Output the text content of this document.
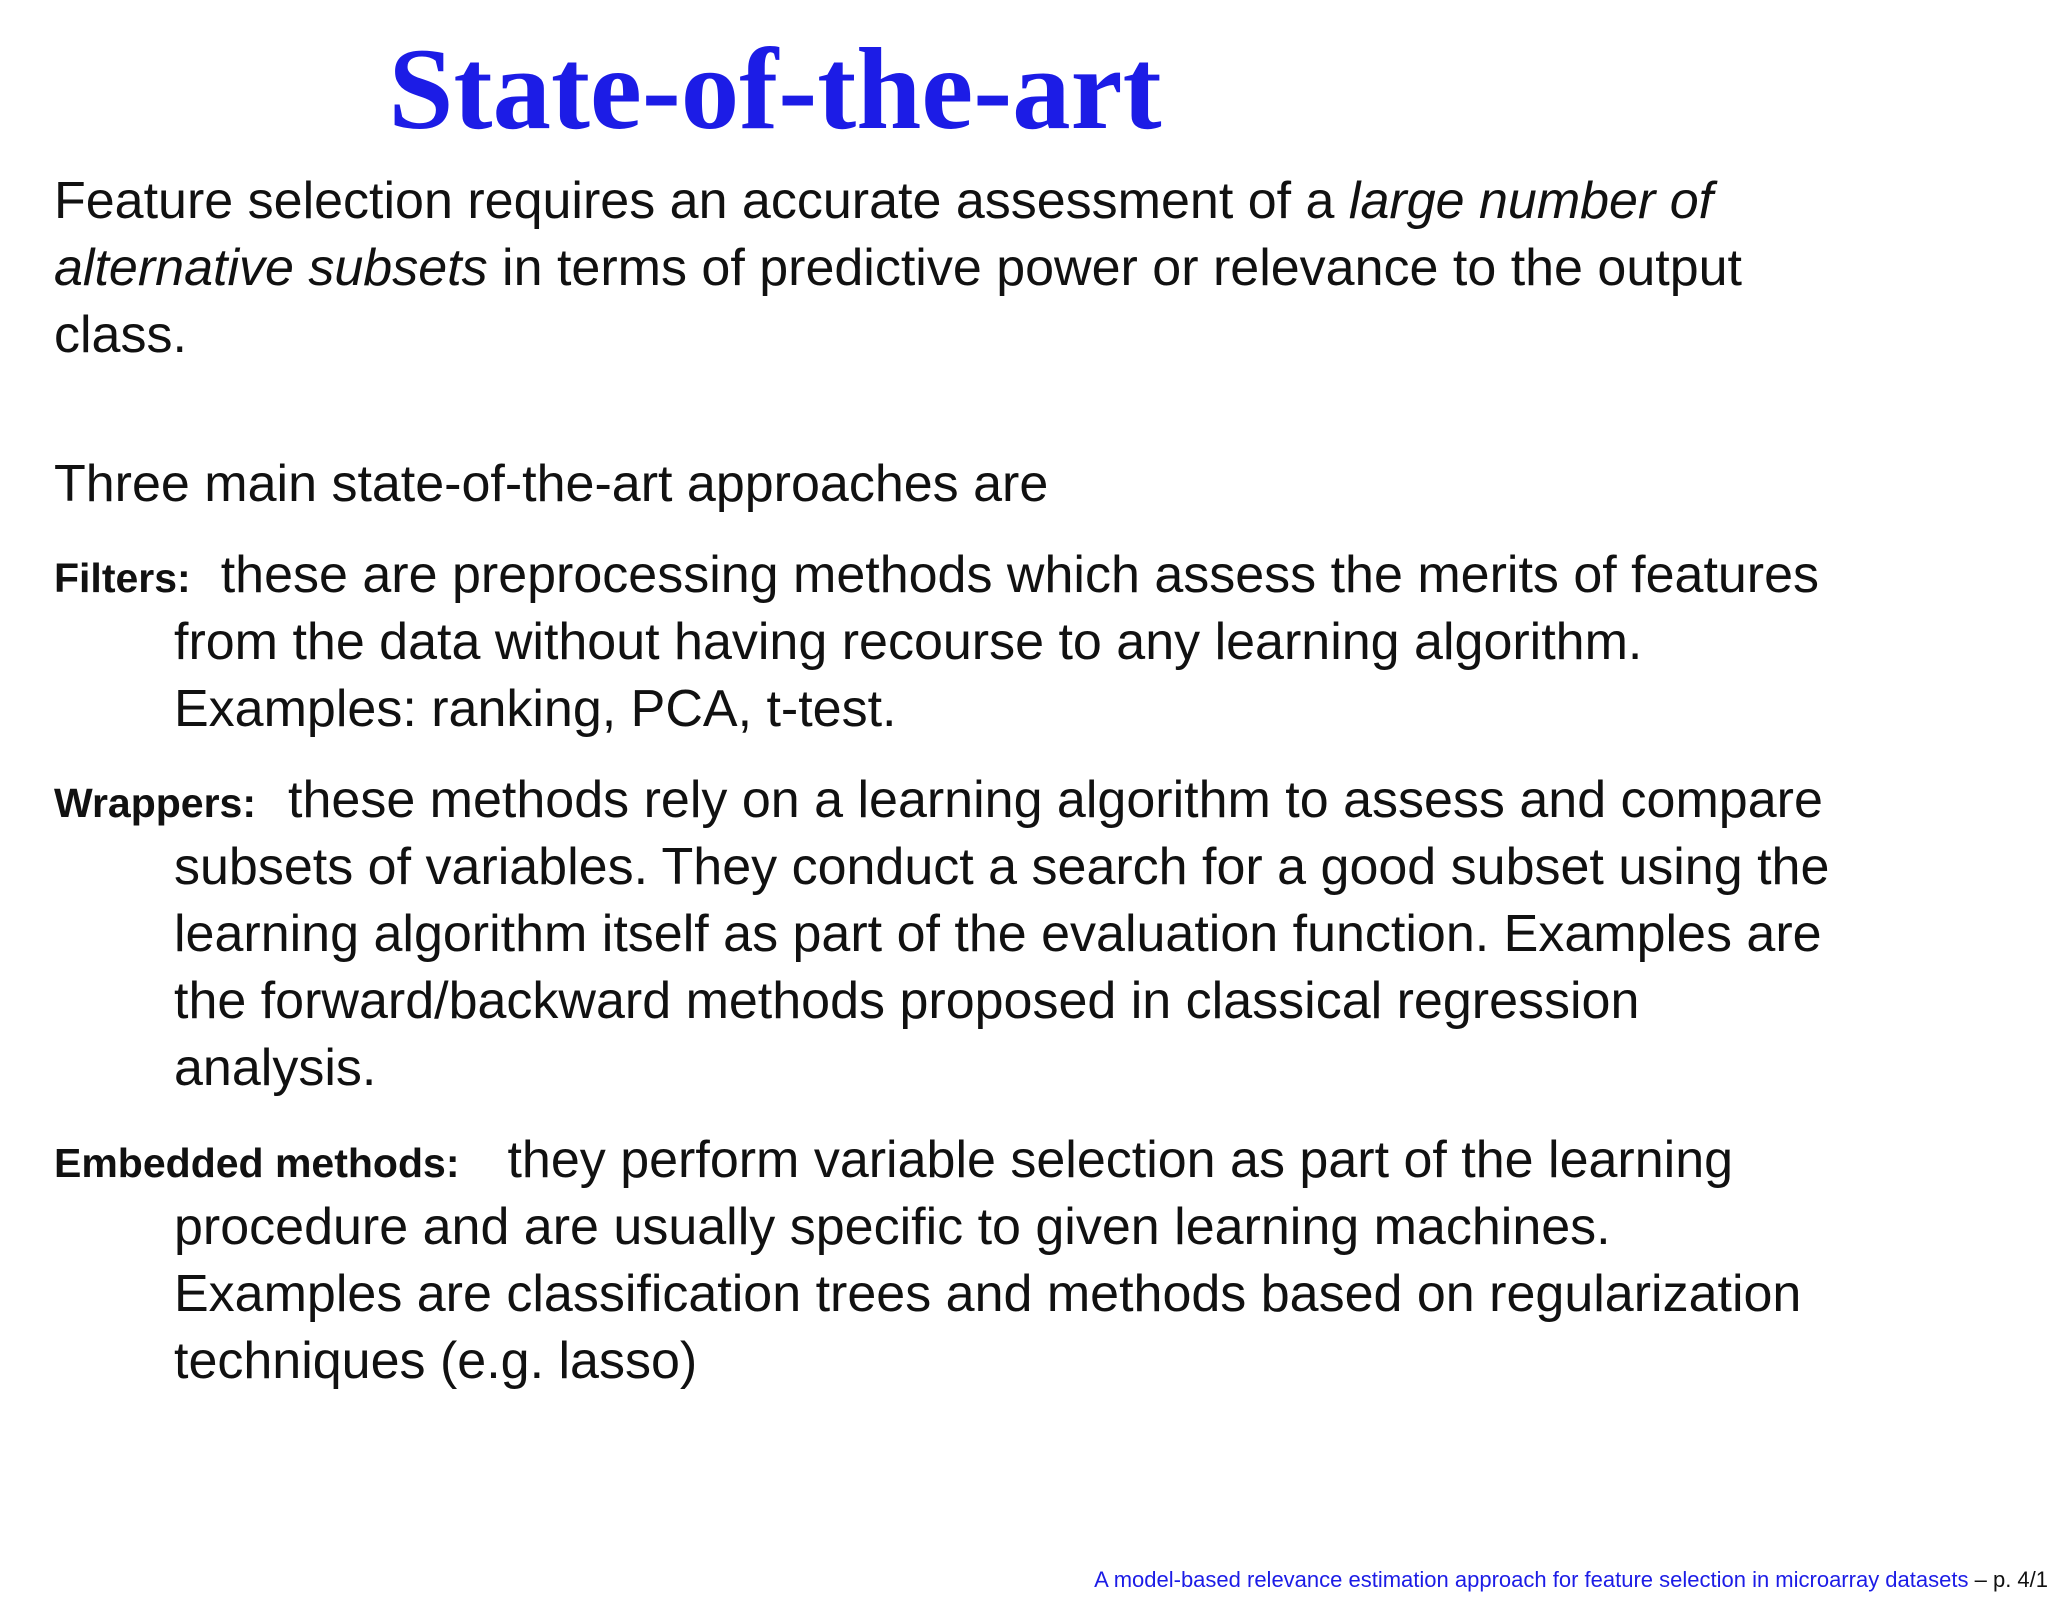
State-of-the-art
Feature selection requires an accurate assessment of a large number of
alternative subsets in terms of predictive power or relevance to the output
class.
Three main state-of-the-art approaches are
Filters: these are preprocessing methods which assess the merits of features
from the data without having recourse to any learning algorithm.
Examples: ranking, PCA, t-test.
Wrappers: these methods rely on a learning algorithm to assess and compare
subsets of variables. They conduct a search for a good subset using the
learning algorithm itself as part of the evaluation function. Examples are
the forward/backward methods proposed in classical regression
analysis.
Embedded methods: they perform variable selection as part of the learning
procedure and are usually specific to given learning machines.
Examples are classification trees and methods based on regularization
techniques (e.g. lasso)
A model-based relevance estimation approach for feature selection in microarray datasets – p. 4/1
